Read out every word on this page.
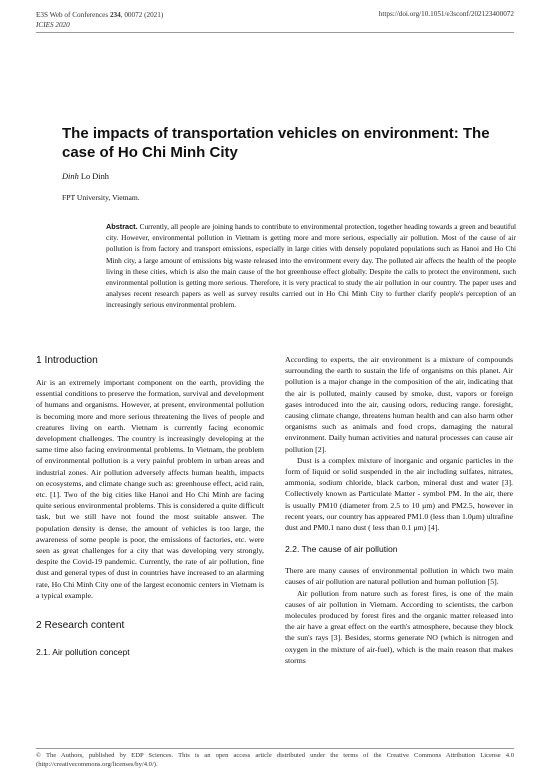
E3S Web of Conferences 234, 00072 (2021)
ICIES 2020
https://doi.org/10.1051/e3sconf/202123400072
The impacts of transportation vehicles on environment: The case of Ho Chi Minh City
Dinh Lo Dinh
FPT University, Vietnam.
Abstract. Currently, all people are joining hands to contribute to environmental protection, together heading towards a green and beautiful city. However, environmental pollution in Vietnam is getting more and more serious, especially air pollution. Most of the cause of air pollution is from factory and transport emissions, especially in large cities with densely populated populations such as Hanoi and Ho Chi Minh city, a large amount of emissions big waste released into the environment every day. The polluted air affects the health of the people living in these cities, which is also the main cause of the hot greenhouse effect globally. Despite the calls to protect the environment, such environmental pollution is getting more serious. Therefore, it is very practical to study the air pollution in our country. The paper uses and analyses recent research papers as well as survey results carried out in Ho Chi Minh City to further clarify people's perception of an increasingly serious environmental problem.
1 Introduction

Air is an extremely important component on the earth, providing the essential conditions to preserve the formation, survival and development of humans and organisms. However, at present, environmental pollution is becoming more and more serious threatening the lives of people and creatures living on earth. Vietnam is currently facing economic development challenges. The country is increasingly developing at the same time also facing environmental problems. In Vietnam, the problem of environmental pollution is a very painful problem in urban areas and industrial zones. Air pollution adversely affects human health, impacts on ecosystems, and climate change such as: greenhouse effect, acid rain, etc. [1]. Two of the big cities like Hanoi and Ho Chi Minh are facing quite serious environmental problems. This is considered a quite difficult task, but we still have not found the most suitable answer. The population density is dense, the amount of vehicles is too large, the awareness of some people is poor, the emissions of factories, etc. were seen as great challenges for a city that was developing very strongly, despite the Covid-19 pandemic. Currently, the rate of air pollution, fine dust and general types of dust in countries have increased to an alarming rate, Ho Chi Minh City one of the largest economic centers in Vietnam is a typical example.

2 Research content
2.1. Air pollution concept

According to experts, the air environment is a mixture of compounds surrounding the earth to sustain the life of organisms on this planet. Air pollution is a major change in the composition of the air, indicating that the air is polluted, mainly caused by smoke, dust, vapors or foreign gases introduced into the air, causing odors, reducing range. foresight, causing climate change, threatens human health and can also harm other organisms such as animals and food crops, damaging the natural environment. Daily human activities and natural processes can cause air pollution [2].

Dust is a complex mixture of inorganic and organic particles in the form of liquid or solid suspended in the air including sulfates, nitrates, ammonia, sodium chloride, black carbon, mineral dust and water [3]. Collectively known as Particulate Matter - symbol PM. In the air, there is usually PM10 (diameter from 2.5 to 10 μm) and PM2.5, however in recent years, our country has appeared PM1.0 (less than 1.0μm) ultrafine dust and PM0.1 nano dust ( less than 0.1 μm) [4].

2.2. The cause of air pollution

There are many causes of environmental pollution in which two main causes of air pollution are natural pollution and human pollution [5].

Air pollution from nature such as forest fires, is one of the main causes of air pollution in Vietnam. According to scientists, the carbon molecules produced by forest fires and the organic matter released into the air have a great effect on the earth's atmosphere, because they block the sun's rays [3]. Besides, storms generate NO (which is nitrogen and oxygen in the mixture of air-fuel), which is the main reason that makes storms

© The Authors, published by EDP Sciences. This is an open access article distributed under the terms of the Creative Commons Attribution License 4.0 (http://creativecommons.org/licenses/by/4.0/).
